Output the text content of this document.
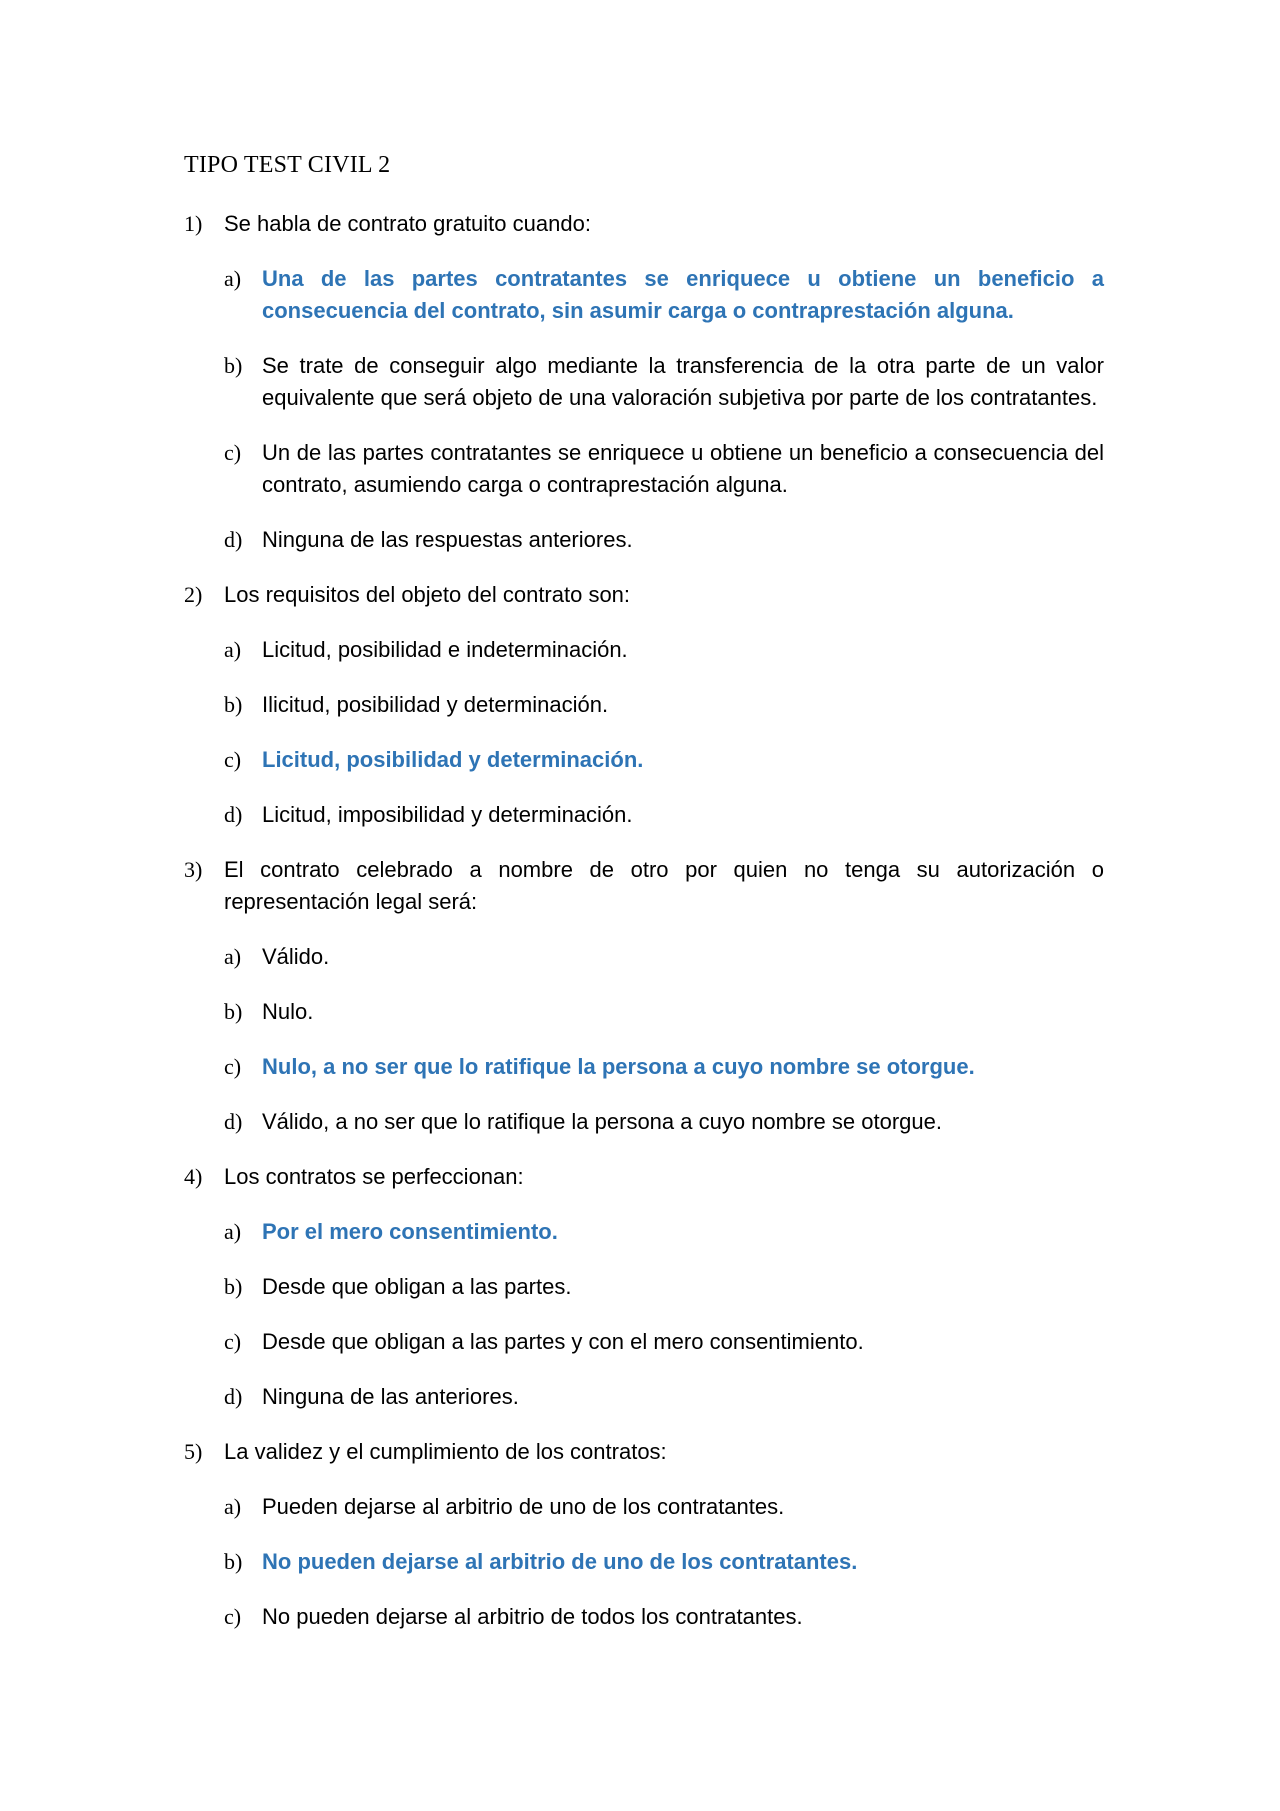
TIPO TEST CIVIL 2
1) Se habla de contrato gratuito cuando:
a) Una de las partes contratantes se enriquece u obtiene un beneficio a consecuencia del contrato, sin asumir carga o contraprestación alguna.
b) Se trate de conseguir algo mediante la transferencia de la otra parte de un valor equivalente que será objeto de una valoración subjetiva por parte de los contratantes.
c) Un de las partes contratantes se enriquece u obtiene un beneficio a consecuencia del contrato, asumiendo carga o contraprestación alguna.
d) Ninguna de las respuestas anteriores.
2) Los requisitos del objeto del contrato son:
a) Licitud, posibilidad e indeterminación.
b) Ilicitud, posibilidad y determinación.
c) Licitud, posibilidad y determinación.
d) Licitud, imposibilidad y determinación.
3) El contrato celebrado a nombre de otro por quien no tenga su autorización o representación legal será:
a) Válido.
b) Nulo.
c) Nulo, a no ser que lo ratifique la persona a cuyo nombre se otorgue.
d) Válido, a no ser que lo ratifique la persona a cuyo nombre se otorgue.
4) Los contratos se perfeccionan:
a) Por el mero consentimiento.
b) Desde que obligan a las partes.
c) Desde que obligan a las partes y con el mero consentimiento.
d) Ninguna de las anteriores.
5) La validez y el cumplimiento de los contratos:
a) Pueden dejarse al arbitrio de uno de los contratantes.
b) No pueden dejarse al arbitrio de uno de los contratantes.
c) No pueden dejarse al arbitrio de todos los contratantes.
